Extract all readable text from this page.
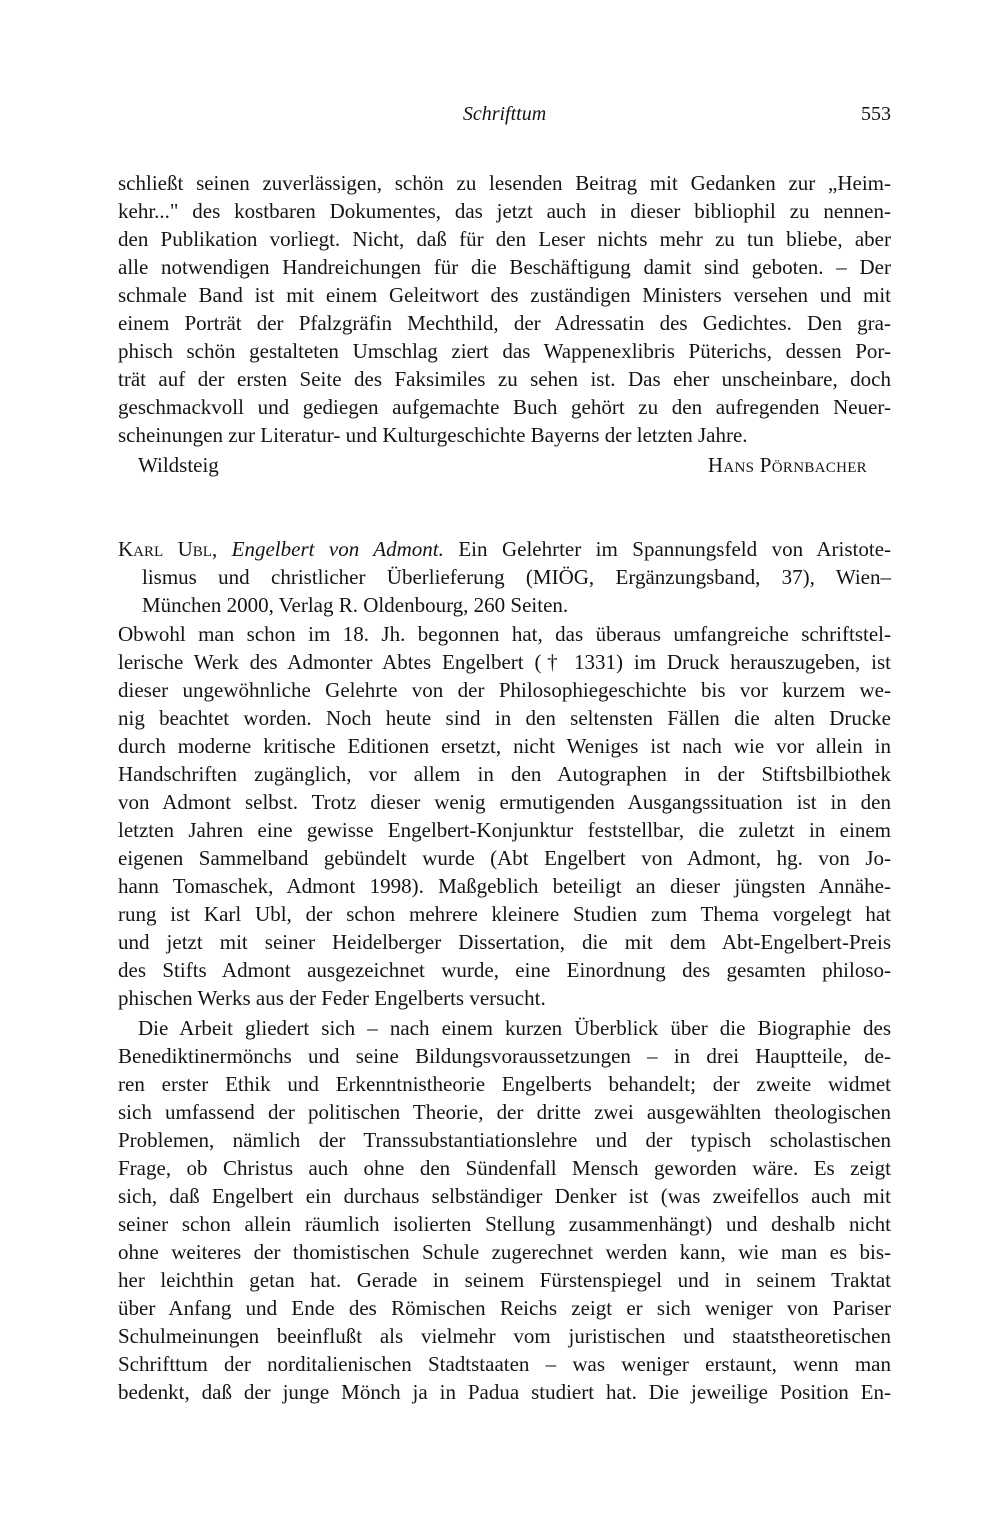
Schrifttum	553
schließt seinen zuverlässigen, schön zu lesenden Beitrag mit Gedanken zur „Heim-
kehr..." des kostbaren Dokumentes, das jetzt auch in dieser bibliophil zu nennen-
den Publikation vorliegt. Nicht, daß für den Leser nichts mehr zu tun bliebe, aber
alle notwendigen Handreichungen für die Beschäftigung damit sind geboten. – Der
schmale Band ist mit einem Geleitwort des zuständigen Ministers versehen und mit
einem Porträt der Pfalzgräfin Mechthild, der Adressatin des Gedichtes. Den gra-
phisch schön gestalteten Umschlag ziert das Wappenexlibris Püterichs, dessen Por-
trät auf der ersten Seite des Faksimiles zu sehen ist. Das eher unscheinbare, doch
geschmackvoll und gediegen aufgemachte Buch gehört zu den aufregenden Neuer-
scheinungen zur Literatur- und Kulturgeschichte Bayerns der letzten Jahre.
Wildsteig	Hans Pörnbacher
Karl Ubl, Engelbert von Admont. Ein Gelehrter im Spannungsfeld von Aristote-
lismus und christlicher Überlieferung (MIÖG, Ergänzungsband, 37), Wien–
München 2000, Verlag R. Oldenbourg, 260 Seiten.
Obwohl man schon im 18. Jh. begonnen hat, das überaus umfangreiche schriftstel-
lerische Werk des Admonter Abtes Engelbert († 1331) im Druck herauszugeben, ist
dieser ungewöhnliche Gelehrte von der Philosophiegeschichte bis vor kurzem we-
nig beachtet worden. Noch heute sind in den seltensten Fällen die alten Drucke
durch moderne kritische Editionen ersetzt, nicht Weniges ist nach wie vor allein in
Handschriften zugänglich, vor allem in den Autographen in der Stiftsbilbiothek
von Admont selbst. Trotz dieser wenig ermutigenden Ausgangssituation ist in den
letzten Jahren eine gewisse Engelbert-Konjunktur feststellbar, die zuletzt in einem
eigenen Sammelband gebündelt wurde (Abt Engelbert von Admont, hg. von Jo-
hann Tomaschek, Admont 1998). Maßgeblich beteiligt an dieser jüngsten Annähe-
rung ist Karl Ubl, der schon mehrere kleinere Studien zum Thema vorgelegt hat
und jetzt mit seiner Heidelberger Dissertation, die mit dem Abt-Engelbert-Preis
des Stifts Admont ausgezeichnet wurde, eine Einordnung des gesamten philoso-
phischen Werks aus der Feder Engelberts versucht.
Die Arbeit gliedert sich – nach einem kurzen Überblick über die Biographie des
Benediktinermönchs und seine Bildungsvoraussetzungen – in drei Hauptteile, de-
ren erster Ethik und Erkenntnistheorie Engelberts behandelt; der zweite widmet
sich umfassend der politischen Theorie, der dritte zwei ausgewählten theologischen
Problemen, nämlich der Transsubstantiationslehre und der typisch scholastischen
Frage, ob Christus auch ohne den Sündenfall Mensch geworden wäre. Es zeigt
sich, daß Engelbert ein durchaus selbständiger Denker ist (was zweifellos auch mit
seiner schon allein räumlich isolierten Stellung zusammenhängt) und deshalb nicht
ohne weiteres der thomistischen Schule zugerechnet werden kann, wie man es bis-
her leichthin getan hat. Gerade in seinem Fürstenspiegel und in seinem Traktat
über Anfang und Ende des Römischen Reichs zeigt er sich weniger von Pariser
Schulmeinungen beeinflußt als vielmehr vom juristischen und staatstheoretischen
Schrifttum der norditalienischen Stadtstaaten – was weniger erstaunt, wenn man
bedenkt, daß der junge Mönch ja in Padua studiert hat. Die jeweilige Position En-
